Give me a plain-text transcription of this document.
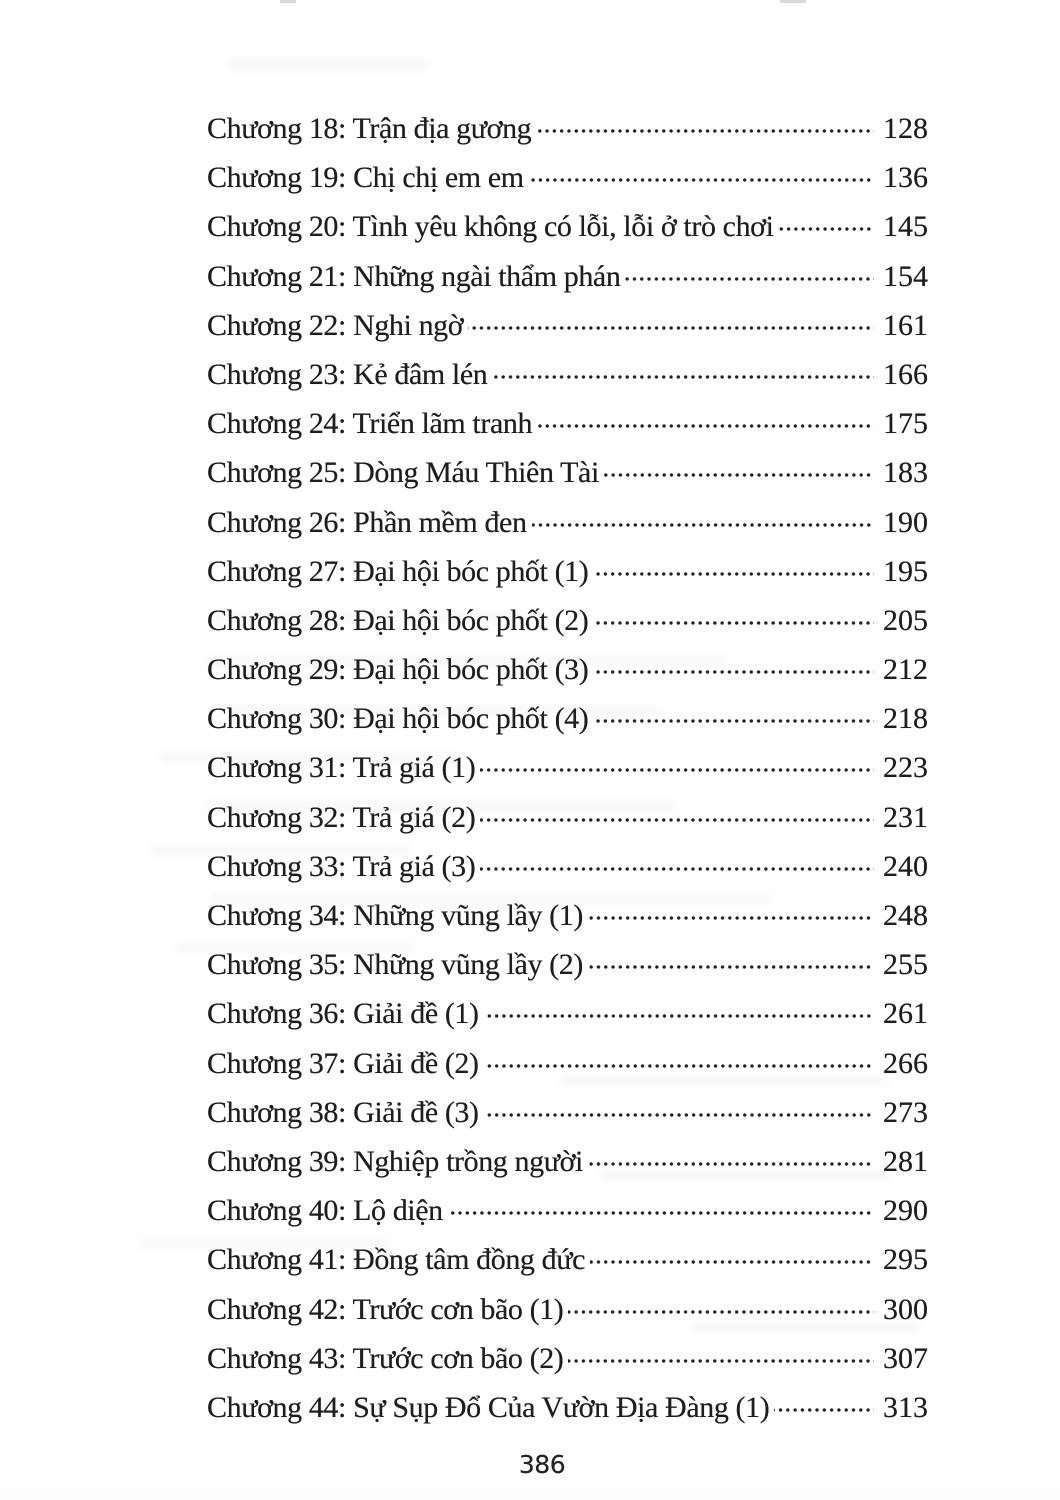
Chương 18: Trận địa gương	128
Chương 19: Chị chị em em	136
Chương 20: Tình yêu không có lỗi, lỗi ở trò chơi	145
Chương 21: Những ngài thẩm phán	154
Chương 22: Nghi ngờ	161
Chương 23: Kẻ đâm lén	166
Chương 24: Triển lãm tranh	175
Chương 25: Dòng Máu Thiên Tài	183
Chương 26: Phần mềm đen	190
Chương 27: Đại hội bóc phốt (1)	195
Chương 28: Đại hội bóc phốt (2)	205
Chương 29: Đại hội bóc phốt (3)	212
Chương 30: Đại hội bóc phốt (4)	218
Chương 31: Trả giá (1)	223
Chương 32: Trả giá (2)	231
Chương 33: Trả giá (3)	240
Chương 34: Những vũng lầy (1)	248
Chương 35: Những vũng lầy (2)	255
Chương 36: Giải đề (1)	261
Chương 37: Giải đề (2)	266
Chương 38: Giải đề (3)	273
Chương 39: Nghiệp trồng người	281
Chương 40: Lộ diện	290
Chương 41: Đồng tâm đồng đức	295
Chương 42: Trước cơn bão (1)	300
Chương 43: Trước cơn bão (2)	307
Chương 44: Sự Sụp Đổ Của Vườn Địa Đàng (1)	313
386
